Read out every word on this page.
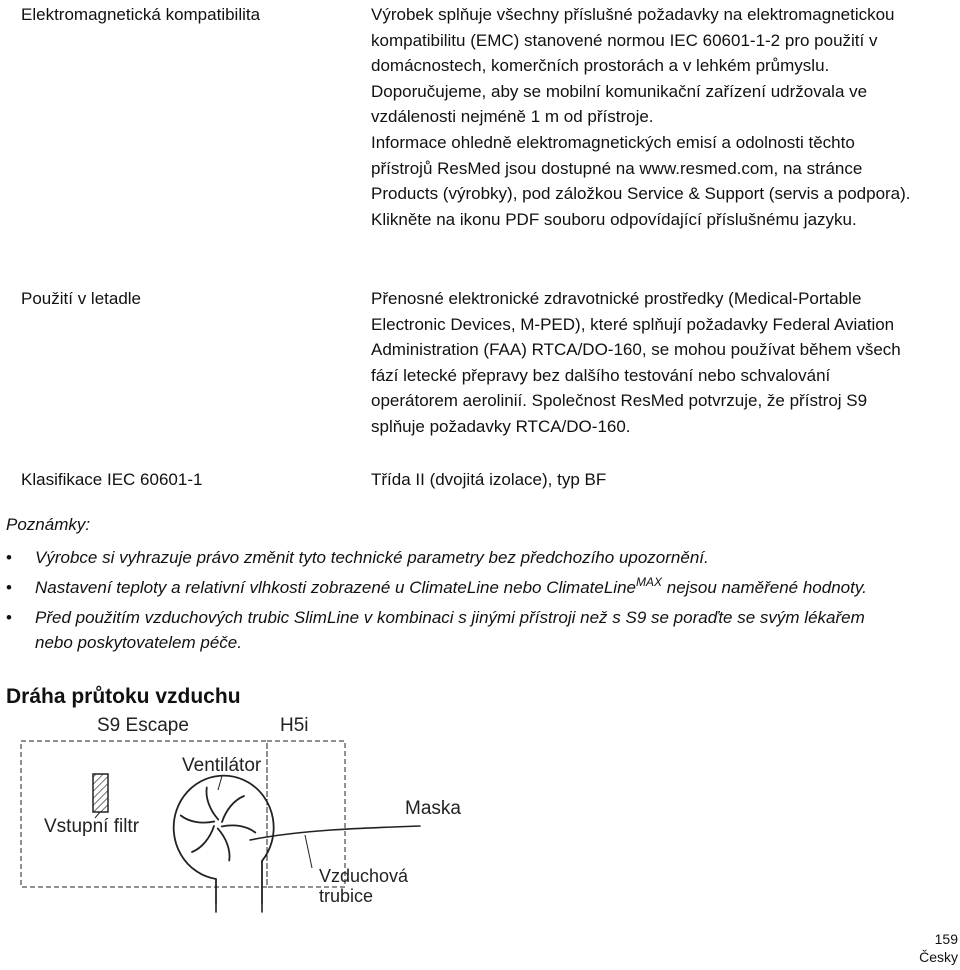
Elektromagnetická kompatibilita	Výrobek splňuje všechny příslušné požadavky na elektromagnetickou kompatibilitu (EMC) stanovené normou IEC 60601-1-2 pro použití v domácnostech, komerčních prostorách a v lehkém průmyslu.

Doporučujeme, aby se mobilní komunikační zařízení udržovala ve vzdálenosti nejméně 1 m od přístroje.

Informace ohledně elektromagnetických emisí a odolnosti těchto přístrojů ResMed jsou dostupné na www.resmed.com, na stránce Products (výrobky), pod záložkou Service & Support (servis a podpora). Klikněte na ikonu PDF souboru odpovídající příslušnému jazyku.

Použití v letadle	Přenosné elektronické zdravotnické prostředky (Medical-Portable Electronic Devices, M-PED), které splňují požadavky Federal Aviation Administration (FAA) RTCA/DO-160, se mohou používat během všech fází letecké přepravy bez dalšího testování nebo schvalování operátorem aerolinií. Společnost ResMed potvrzuje, že přístroj S9 splňuje požadavky RTCA/DO-160.

Klasifikace IEC 60601-1	Třída II (dvojitá izolace), typ BF

Poznámky:
• Výrobce si vyhrazuje právo změnit tyto technické parametry bez předchozího upozornění.
• Nastavení teploty a relativní vlhkosti zobrazené u ClimateLine nebo ClimateLine$^{MAX}$ nejsou naměřené hodnoty.
• Před použitím vzduchových trubic SlimLine v kombinaci s jinými přístroji než s S9 se poraďte se svým lékařem nebo poskytovatelem péče.
Dráha průtoku vzduchu
S9 Escape	H5i
Ventilátor
Maska
Vstupní filtr
Vzduchová
trubice
159
Česky
